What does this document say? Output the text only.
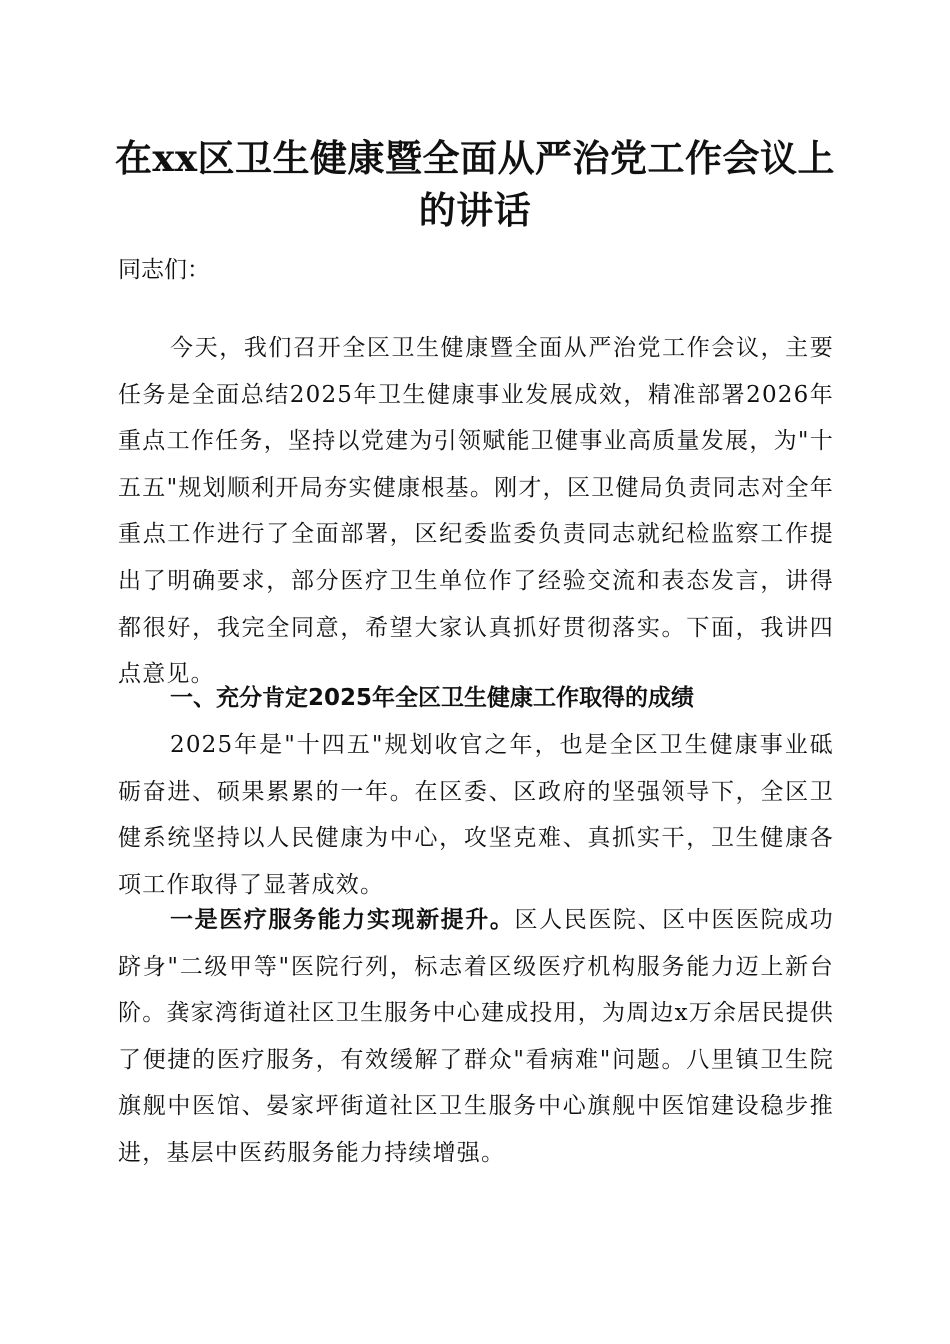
在xx区卫生健康暨全面从严治党工作会议上的讲话

同志们：

今天，我们召开全区卫生健康暨全面从严治党工作会议，主要任务是全面总结2025年卫生健康事业发展成效，精准部署2026年重点工作任务，坚持以党建为引领赋能卫健事业高质量发展，为"十五五"规划顺利开局夯实健康根基。刚才，区卫健局负责同志对全年重点工作进行了全面部署，区纪委监委负责同志就纪检监察工作提出了明确要求，部分医疗卫生单位作了经验交流和表态发言，讲得都很好，我完全同意，希望大家认真抓好贯彻落实。下面，我讲四点意见。

一、充分肯定2025年全区卫生健康工作取得的成绩

2025年是"十四五"规划收官之年，也是全区卫生健康事业砥砺奋进、硕果累累的一年。在区委、区政府的坚强领导下，全区卫健系统坚持以人民健康为中心，攻坚克难、真抓实干，卫生健康各项工作取得了显著成效。

一是医疗服务能力实现新提升。区人民医院、区中医医院成功跻身"二级甲等"医院行列，标志着区级医疗机构服务能力迈上新台阶。龚家湾街道社区卫生服务中心建成投用，为周边x万余居民提供了便捷的医疗服务，有效缓解了群众"看病难"问题。八里镇卫生院旗舰中医馆、晏家坪街道社区卫生服务中心旗舰中医馆建设稳步推进，基层中医药服务能力持续增强。
